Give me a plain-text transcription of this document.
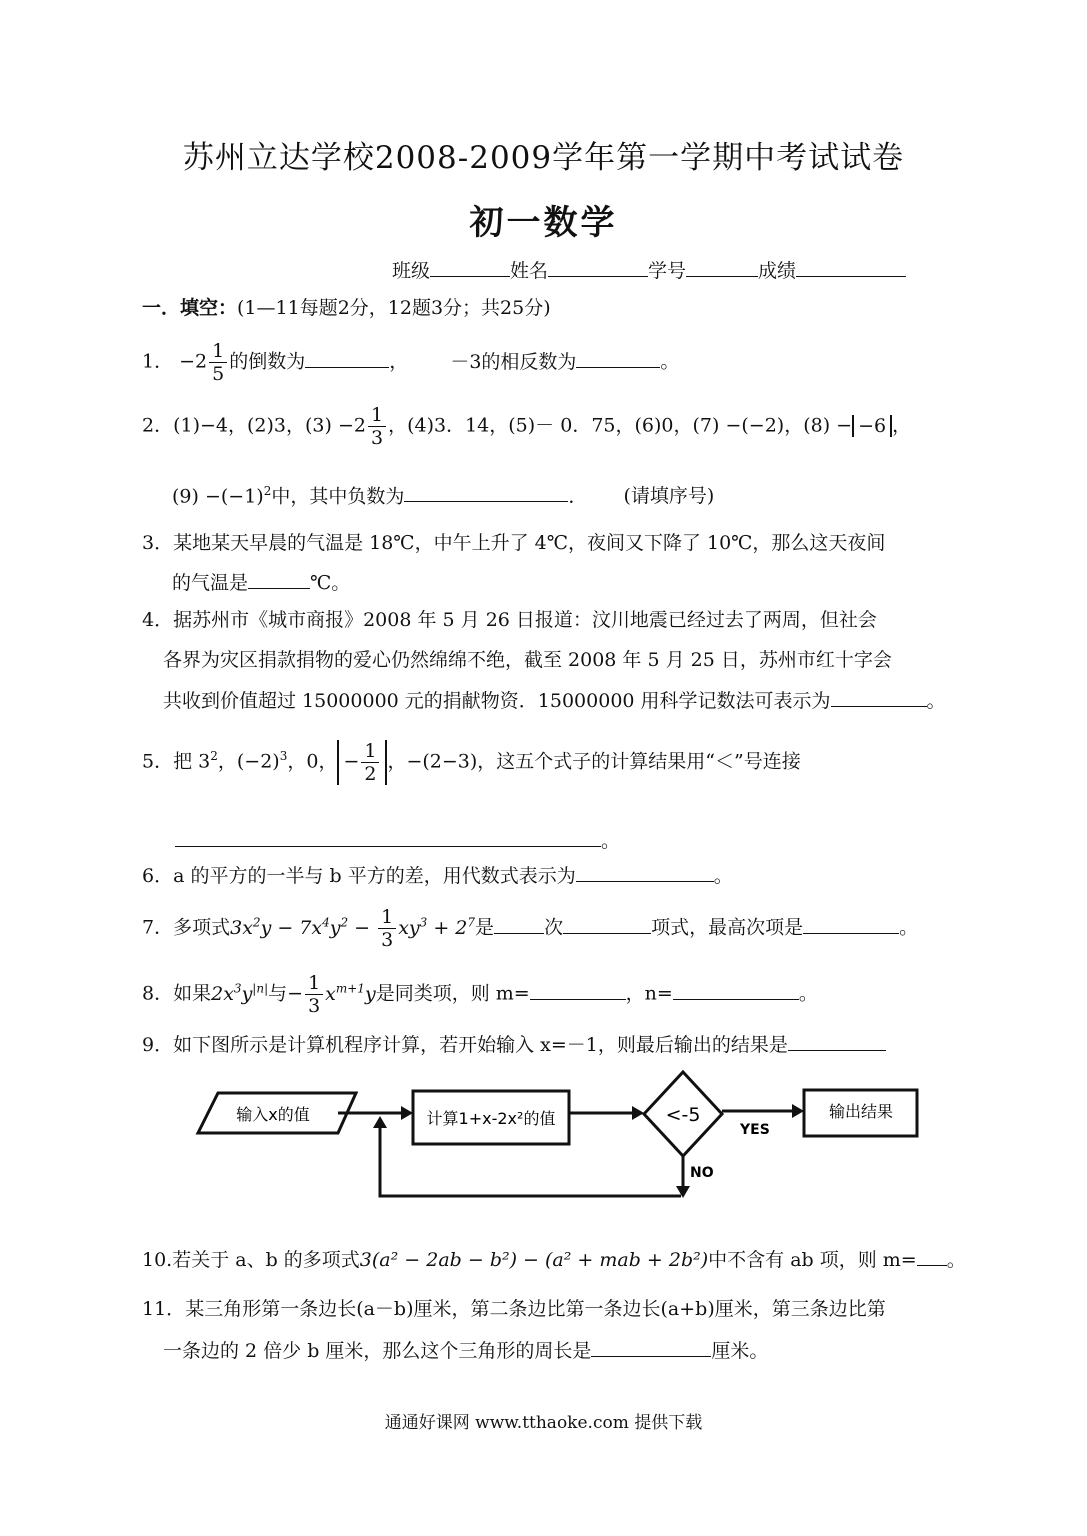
苏州立达学校2008-2009学年第一学期中考试试卷
初一数学
班级	姓名	学号	成绩
一．填空：(1—11每题2分，12题3分；共25分)
1． $-2 \frac{1}{5}$ 的倒数为	， －3的相反数为	。
2．(1)−4，(2)3，$(3) -2 \frac{1}{3}$ ，(4)3．14，(5)－ 0．75，(6)0，(7) −(−2)，(8) − −6 ，
$(9) -(-1)^2$中，其中负数为	． (请填序号)
3．某地某天早晨的气温是 18℃，中午上升了 4℃，夜间又下降了 10℃，那么这天夜间
的气温是	℃。
4．据苏州市《城市商报》2008 年 5 月 26 日报道：汶川地震已经过去了两周，但社会
各界为灾区捐款捐物的爱心仍然绵绵不绝，截至 2008 年 5 月 25 日，苏州市红十字会
共收到价值超过 15000000 元的捐献物资．15000000 用科学记数法可表示为	。
5．把 $3^2$，$(-2)^3$，0， − $\frac{1}{2}$ ，−(2−3)，这五个式子的计算结果用“＜”号连接
。
6．a 的平方的一半与 b 平方的差，用代数式表示为	。
7．多项式$3x^2y - 7x^4y^2 - \frac{1}{3} xy^3 + 2^7$是	次	项式，最高次项是	。
8．如果$2x^3y^{|n|}$与− $\frac{1}{3} x^{m+1}y$是同类项，则 m=	，n=	。
9．如下图所示是计算机程序计算，若开始输入 x=－1，则最后输出的结果是
输入x的值	计算1+x-2x²的值	<-5
YES
NO
输出结果
10.若关于 a、b 的多项式3(a² − 2ab − b²) − (a² + mab + 2b²)中不含有 ab 项，则 m= 。
11．某三角形第一条边长(a－b)厘米，第二条边比第一条边长(a+b)厘米，第三条边比第
一条边的 2 倍少 b 厘米，那么这个三角形的周长是	厘米。
通通好课网 www.tthaoke.com 提供下载
